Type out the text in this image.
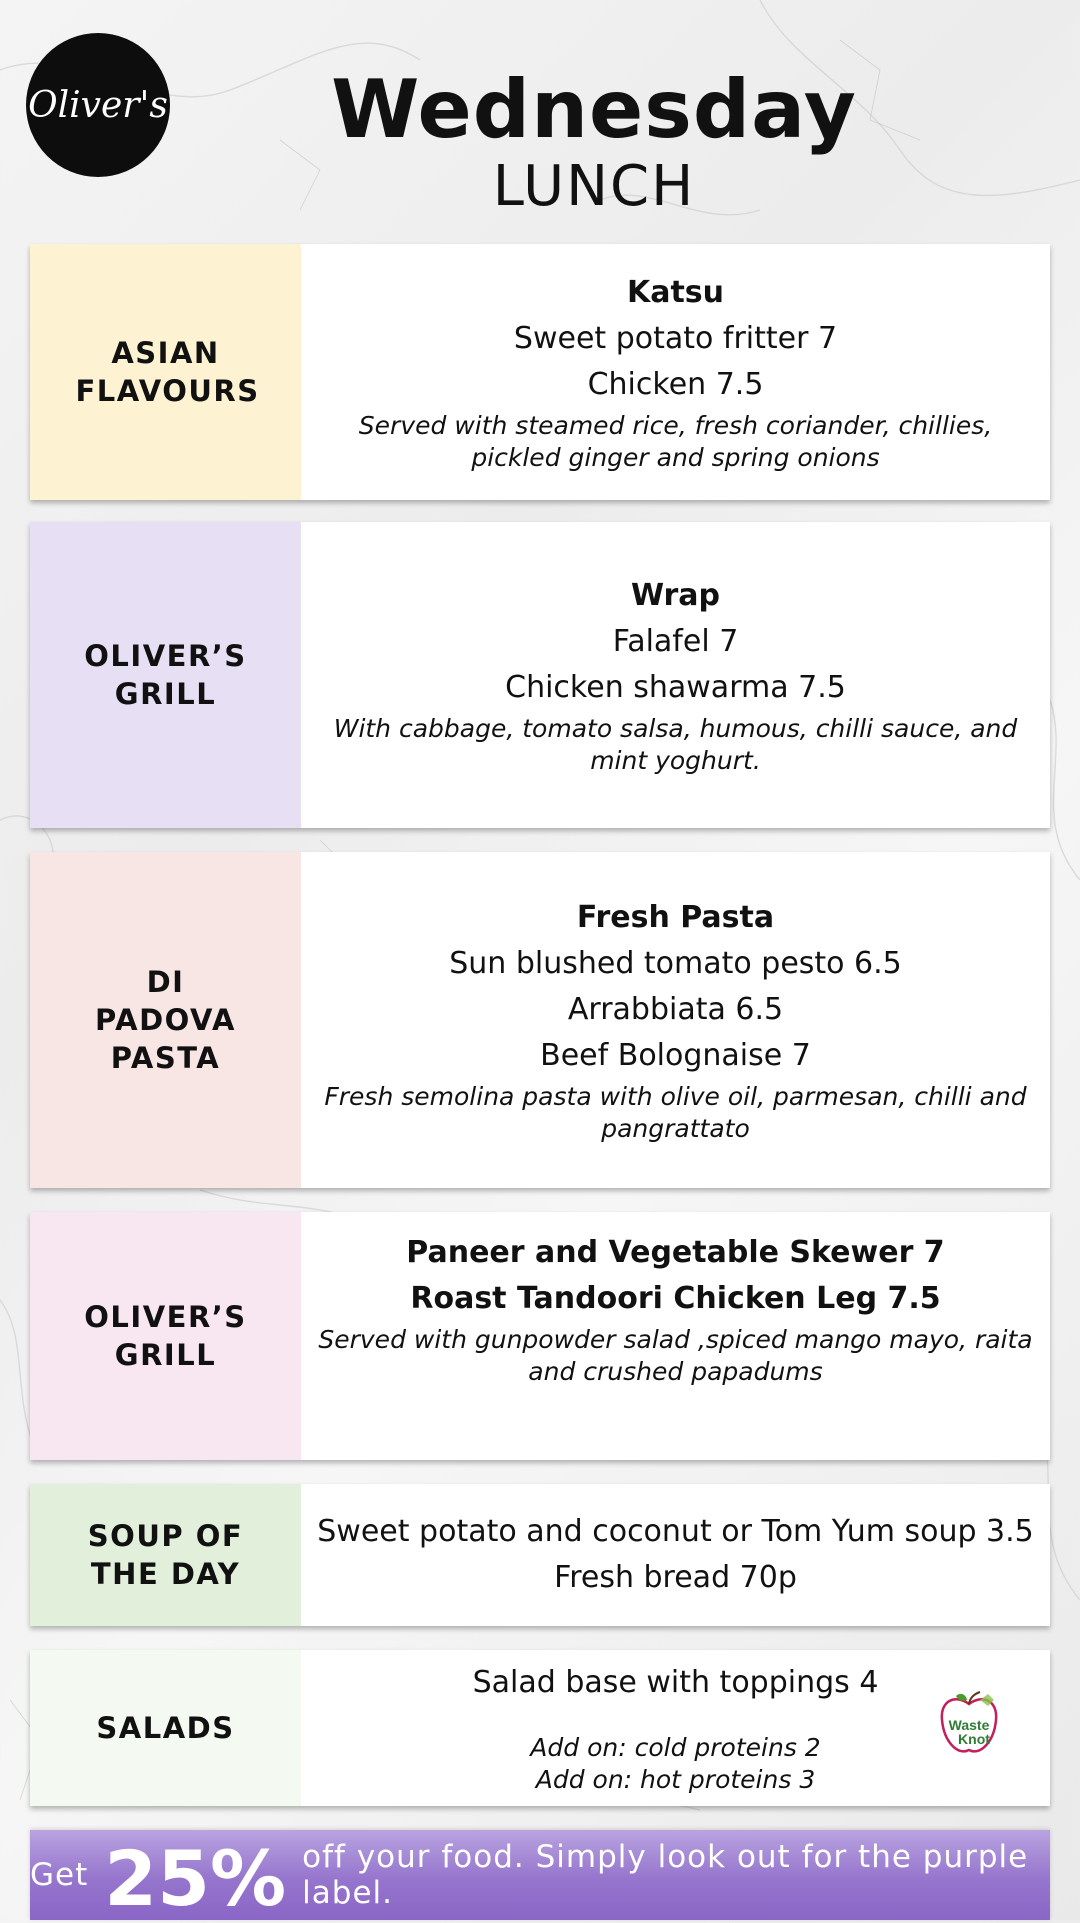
Oliver's	Wednesday
LUNCH
ASIAN FLAVOURS
Katsu
Sweet potato fritter 7
Chicken 7.5
Served with steamed rice, fresh coriander, chillies, pickled ginger and spring onions
OLIVER’S GRILL
Wrap
Falafel 7
Chicken shawarma 7.5
With cabbage, tomato salsa, humous, chilli sauce, and mint yoghurt.
DI PADOVA PASTA
Fresh Pasta
Sun blushed tomato pesto 6.5
Arrabbiata 6.5
Beef Bolognaise 7
Fresh semolina pasta with olive oil, parmesan, chilli and pangrattato
OLIVER’S GRILL
Paneer and Vegetable Skewer 7
Roast Tandoori Chicken Leg 7.5
Served with gunpowder salad ,spiced mango mayo, raita and crushed papadums
SOUP OF THE DAY
Sweet potato and coconut or Tom Yum soup 3.5
Fresh bread 70p
SALADS
Salad base with toppings 4
Add on: cold proteins 2
Add on: hot proteins 3
Waste
Knot
Get 25% off your food. Simply look out for the purple label.
